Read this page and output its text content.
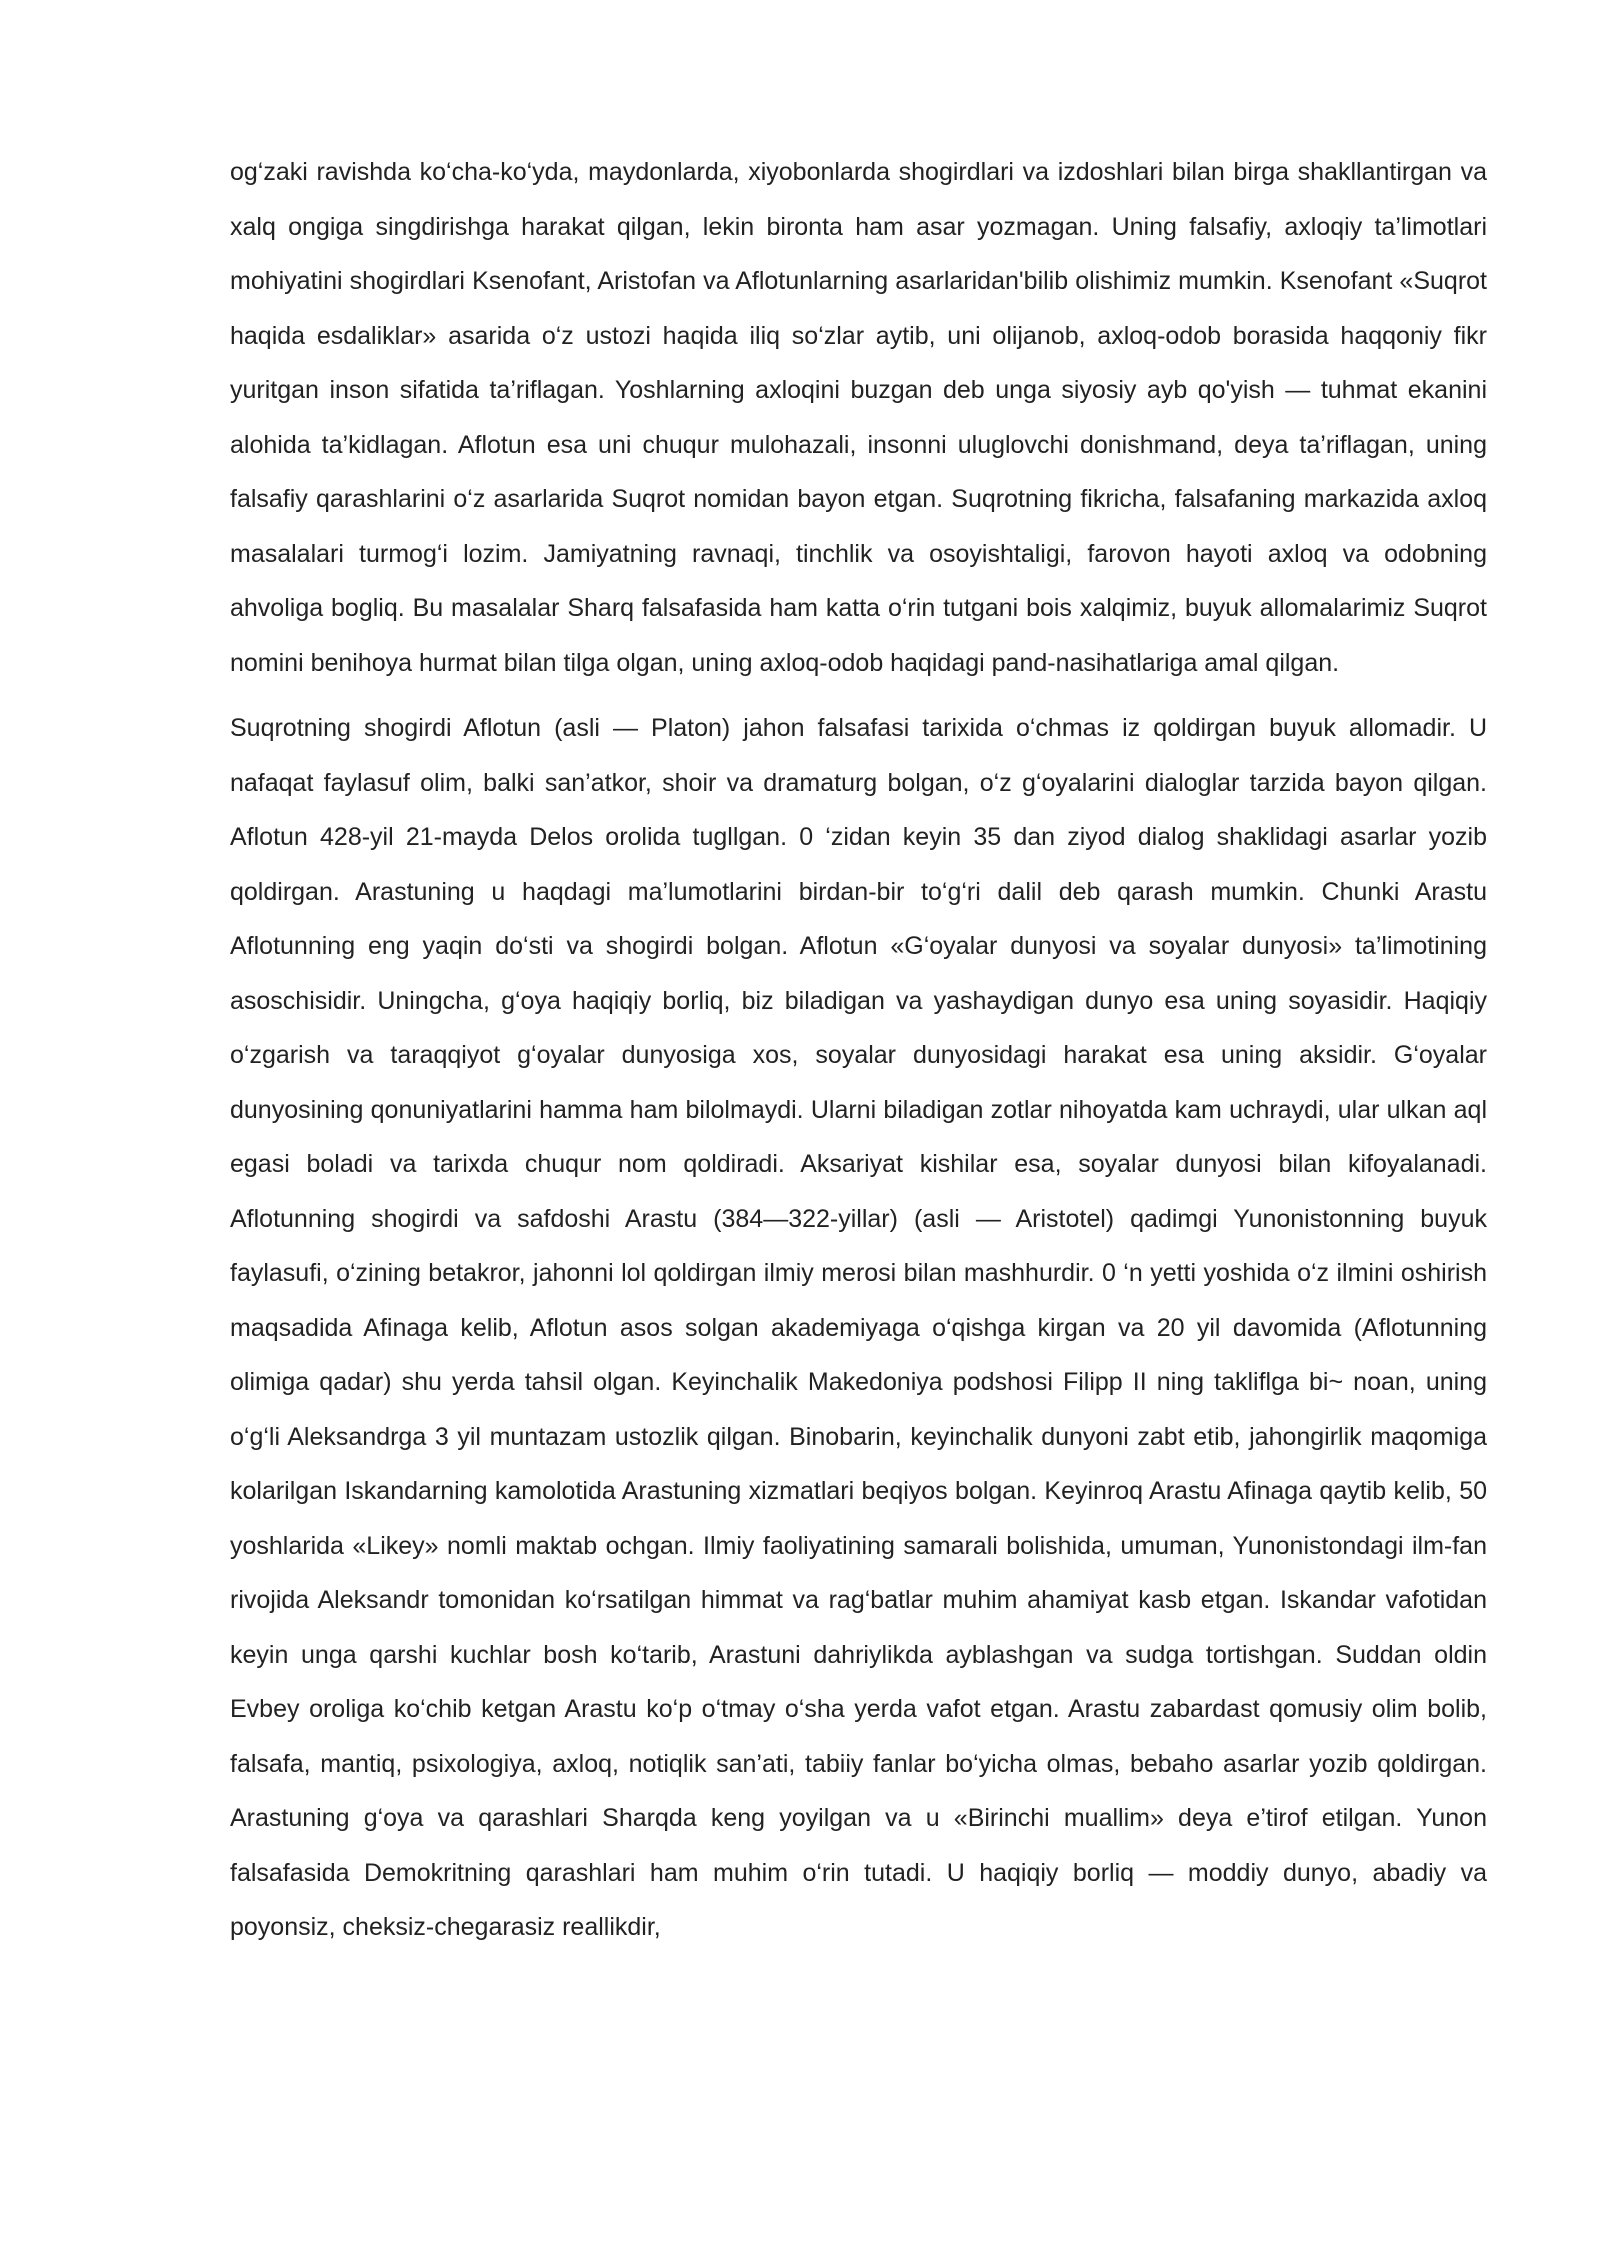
og‘zaki ravishda ko‘cha-ko‘yda, maydonlarda, xiyobonlarda shogirdlari va izdoshlari bilan birga shakllantirgan va xalq ongiga singdirishga harakat qilgan, lekin bironta ham asar yozmagan. Uning falsafiy, axloqiy ta’limotlari mohiyatini shogirdlari Ksenofant, Aristofan va Aflotunlarning asarlaridan'bilib olishimiz mumkin. Ksenofant «Suqrot haqida esdaliklar» asarida o‘z ustozi haqida iliq so‘zlar aytib, uni olijanob, axloq-odob borasida haqqoniy fikr yuritgan inson sifatida ta’riflagan. Yoshlarning axloqini buzgan deb unga siyosiy ayb qo'yish — tuhmat ekanini alohida ta’kidlagan. Aflotun esa uni chuqur mulohazali, insonni uluglovchi donishmand, deya ta’riflagan, uning falsafiy qarashlarini o‘z asarlarida Suqrot nomidan bayon etgan. Suqrotning fikricha, falsafaning markazida axloq masalalari turmog‘i lozim. Jamiyatning ravnaqi, tinchlik va osoyishtaligi, farovon hayoti axloq va odobning ahvoliga bogliq. Bu masalalar Sharq falsafasida ham katta o‘rin tutgani bois xalqimiz, buyuk allomalarimiz Suqrot nomini benihoya hurmat bilan tilga olgan, uning axloq-odob haqidagi pand-nasihatlariga amal qilgan.

Suqrotning shogirdi Aflotun (asli — Platon) jahon falsafasi tarixida o‘chmas iz qoldirgan buyuk allomadir. U nafaqat faylasuf olim, balki san’atkor, shoir va dramaturg bolgan, o‘z g‘oyalarini dialoglar tarzida bayon qilgan. Aflotun 428-yil 21-mayda Delos orolida tugllgan. 0 ‘zidan keyin 35 dan ziyod dialog shaklidagi asarlar yozib qoldirgan. Arastuning u haqdagi ma’lumotlarini birdan-bir to‘g‘ri dalil deb qarash mumkin. Chunki Arastu Aflotunning eng yaqin do‘sti va shogirdi bolgan. Aflotun «G‘oyalar dunyosi va soyalar dunyosi» ta’limotining asoschisidir. Uningcha, g‘oya haqiqiy borliq, biz biladigan va yashaydigan dunyo esa uning soyasidir. Haqiqiy o‘zgarish va taraqqiyot g‘oyalar dunyosiga xos, soyalar dunyosidagi harakat esa uning aksidir. G‘oyalar dunyosining qonuniyatlarini hamma ham bilolmaydi. Ularni biladigan zotlar nihoyatda kam uchraydi, ular ulkan aql egasi boladi va tarixda chuqur nom qoldiradi. Aksariyat kishilar esa, soyalar dunyosi bilan kifoyalanadi. Aflotunning shogirdi va safdoshi Arastu (384—322-yillar) (asli — Aristotel) qadimgi Yunonistonning buyuk faylasufi, o‘zining betakror, jahonni lol qoldirgan ilmiy merosi bilan mashhurdir. 0 ‘n yetti yoshida o‘z ilmini oshirish maqsadida Afinaga kelib, Aflotun asos solgan akademiyaga o‘qishga kirgan va 20 yil davomida (Aflotunning olimiga qadar) shu yerda tahsil olgan. Keyinchalik Makedoniya podshosi Filipp II ning takliflga bi~ noan, uning o‘g‘li Aleksandrga 3 yil muntazam ustozlik qilgan. Binobarin, keyinchalik dunyoni zabt etib, jahongirlik maqomiga kolarilgan Iskandarning kamolotida Arastuning xizmatlari beqiyos bolgan. Keyinroq Arastu Afinaga qaytib kelib, 50 yoshlarida «Likey» nomli maktab ochgan. Ilmiy faoliyatining samarali bolishida, umuman, Yunonistondagi ilm-fan rivojida Aleksandr tomonidan ko‘rsatilgan himmat va rag‘batlar muhim ahamiyat kasb etgan. Iskandar vafotidan keyin unga qarshi kuchlar bosh ko‘tarib, Arastuni dahriylikda ayblashgan va sudga tortishgan. Suddan oldin Evbey oroliga ko‘chib ketgan Arastu ko‘p o‘tmay o‘sha yerda vafot etgan. Arastu zabardast qomusiy olim bolib, falsafa, mantiq, psixologiya, axloq, notiqlik san’ati, tabiiy fanlar bo‘yicha olmas, bebaho asarlar yozib qoldirgan. Arastuning g‘oya va qarashlari Sharqda keng yoyilgan va u «Birinchi muallim» deya e’tirof etilgan. Yunon falsafasida Demokritning qarashlari ham muhim o‘rin tutadi. U haqiqiy borliq — moddiy dunyo, abadiy va poyonsiz, cheksiz-chegarasiz reallikdir,
